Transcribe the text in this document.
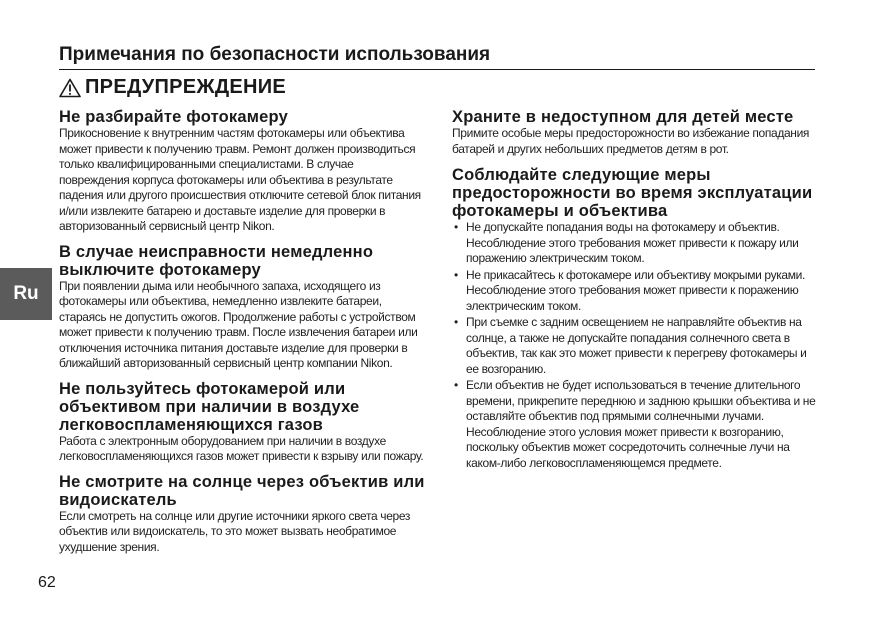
Примечания по безопасности использования
ПРЕДУПРЕЖДЕНИЕ
Ru
Не разбирайте фотокамеру

Прикосновение к внутренним частям фотокамеры или объектива может привести к получению травм. Ремонт должен производиться только квалифицированными специалистами. В случае повреждения корпуса фотокамеры или объектива в результате падения или другого происшествия отключите сетевой блок питания и/или извлеките батарею и доставьте изделие для проверки в авторизованный сервисный центр Nikon.

В случае неисправности немедленно выключите фотокамеру

При появлении дыма или необычного запаха, исходящего из фотокамеры или объектива, немедленно извлеките батареи, стараясь не допустить ожогов. Продолжение работы с устройством может привести к получению травм. После извлечения батареи или отключения источника питания доставьте изделие для проверки в ближайший авторизованный сервисный центр компании Nikon.

Не пользуйтесь фотокамерой или объективом при наличии в воздухе легковоспламеняющихся газов

Работа с электронным оборудованием при наличии в воздухе легковоспламеняющихся газов может привести к взрыву или пожару.

Не смотрите на солнце через объектив или видоискатель

Если смотреть на солнце или другие источники яркого света через объектив или видоискатель, то это может вызвать необратимое ухудшение зрения.

Храните в недоступном для детей месте

Примите особые меры предосторожности во избежание попадания батарей и других небольших предметов детям в рот.

Соблюдайте следующие меры предосторожности во время эксплуатации фотокамеры и объектива
• Не допускайте попадания воды на фотокамеру и объектив. Несоблюдение этого требования может привести к пожару или поражению электрическим током.
• Не прикасайтесь к фотокамере или объективу мокрыми руками. Несоблюдение этого требования может привести к поражению электрическим током.
• При съемке с задним освещением не направляйте объектив на солнце, а также не допускайте попадания солнечного света в объектив, так как это может привести к перегреву фотокамеры и ее возгоранию.
• Если объектив не будет использоваться в течение длительного времени, прикрепите переднюю и заднюю крышки объектива и не оставляйте объектив под прямыми солнечными лучами. Несоблюдение этого условия может привести к возгоранию, поскольку объектив может сосредоточить солнечные лучи на каком-либо легковоспламеняющемся предмете.
62
